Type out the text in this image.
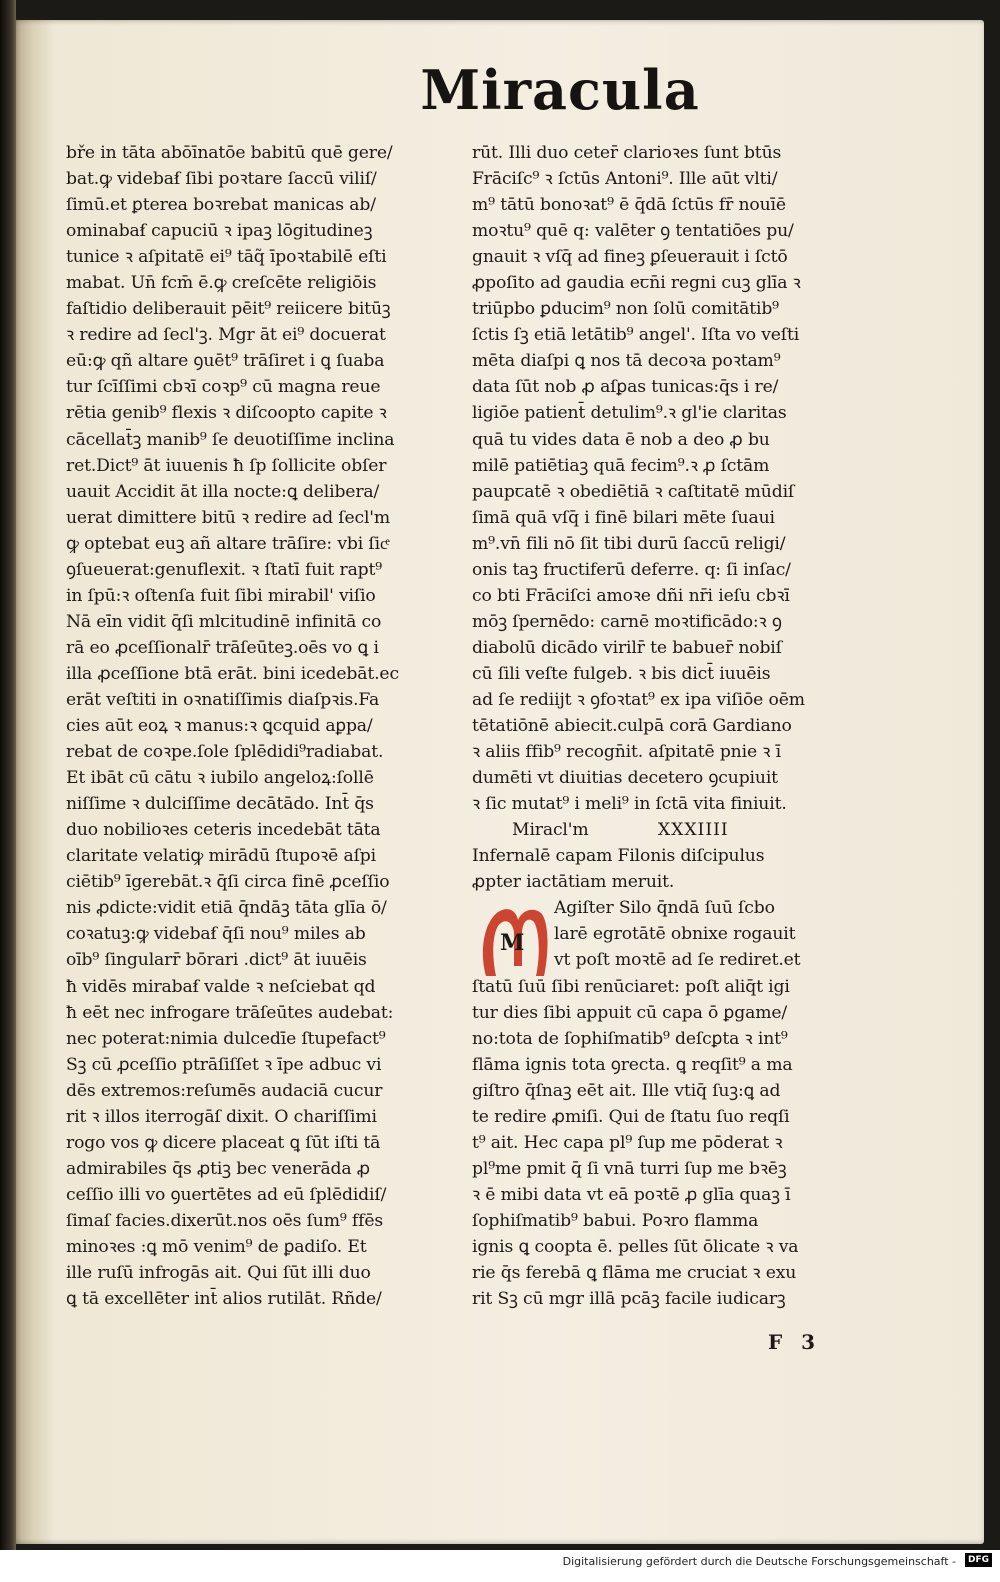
Miracula
bře in tāta abōīnatōe babitū quē gere/
bat.ꝙ videbaẜ ſibi poꝛtare ſaccū viliſ/
ſimū.et ꝑterea boꝛrebat manicas ab/
ominabaẜ capuciū ꝛ ipaꝫ lōgitudineꝫ
tunice ꝛ aſpitatē ei⁹ tāq̃ īpoꝛtabilē eſti
mabat. Un̄ fcm̄ ē.ꝙ creſcēte religiōis
faſtidio deliberauit pēit⁹ reiicere bitūꝫ
ꝛ redire ad ſecl'ꝫ. Mgr āt ei⁹ docuerat
eū:ꝙ qñ altare ꝯuēt⁹ trāſiret i ꝗ ſuaba
tur ſcīſſimi cbꝛī coꝛp⁹ cū magna reue
rētia genib⁹ flexis ꝛ diſcoopto capite ꝛ
cācellat̄ꝫ manib⁹ ſe deuotiſſime inclina
ret.Dict⁹ āt iuuenis ħ ſp ſollicite obſer
uauit Accidit āt illa nocte:ꝗ delibera/
uerat dimittere bitū ꝛ redire ad ſecl'm
ꝙ optebat euꝫ añ altare trāſire: vbi ſicͤ
ꝯſueuerat:genuflexit. ꝛ ſtatī fuit rapt⁹
in ſpū:ꝛ oſtenſa fuit ſibi mirabil' viſio
Nā eīn vidit q̄ſi mlꞇitudinē infinitā co
rā eo ꝓceſſionalr̄ trāſeūteꝫ.oēs vo ꝗ i
illa ꝓceſſione btā erāt. bini icedebāt.ec
erāt veſtiti in oꝛnatiſſimis diaſpꝛis.Fa
cies aūt eoꝝ ꝛ manus:ꝛ ꝗcquid aꝑpa/
rebat de coꝛpe.ſole ſplēdidi⁹radiabat.
Et ibāt cū cātu ꝛ iubilo angeloꝝ:ſollē
niſſime ꝛ dulciſſime decātādo. Int̄ q̄s
duo nobilioꝛes ceteris incedebāt tāta
claritate velatiꝙ mirādū ſtupoꝛē aſpi
ciētib⁹ īgerebāt.ꝛ q̄ſi circa finē ꝓceſſio
nis ꝓdicte:vidit etiā q̄ndāꝫ tāta glīa ō/
coꝛatuꝫ:ꝙ videbaẜ q̄ſi nou⁹ miles ab
oīb⁹ ſingularr̄ bōrari .dict⁹ āt iuuēis
ħ vidēs mirabaẜ valde ꝛ neſciebat qd
ħ eēt nec infrogare trāſeūtes audebat:
nec poterat:nimia dulcedīe ſtupefact⁹
Sꝫ cū ꝓceſſio ptrāſiſſet ꝛ īpe adbuc vi
dēs extremos:reſumēs audaciā cucur
rit ꝛ illos iterrogāſ dixit. O chariſſimi
rogo vos ꝙ dicere placeat ꝗ ſūt iſti tā
admirabiles q̄s ꝓtiꝫ bec venerāda ꝓ
ceſſio illi vo ꝯuertētes ad eū ſplēdidiſ/
ſimaſ facies.dixerūt.nos oēs ſum⁹ ffēs
minoꝛes :ꝗ mō venim⁹ de ꝑadiſo. Et
ille ruſū infrogās ait. Qui ſūt illi duo
ꝗ tā excellēter int̄ alios rutilāt. Rñde/
rūt. Illi duo ceter̄ clarioꝛes ſunt btūs
Frāciſc⁹ ꝛ ſctūs Antoni⁹. Ille aūt vlti/
m⁹ tātū bonoꝛat⁹ ē q̄dā ſctūs fr̄ nouīē
moꝛtu⁹ quē q: valēter ꝯ tentatiōes pu/
gnauit ꝛ vſq̄ ad fineꝫ ꝑſeuerauit i ſctō
ꝓpoſito ad gaudia eꞇn̄i regni cuꝫ glīa ꝛ
triūpbo ꝑducim⁹ non ſolū comitātib⁹
ſctis ſꝫ etiā letātib⁹ angel'. Iſta vo veſti
mēta diaſpi ꝗ nos tā decoꝛa poꝛtam⁹
data ſūt nob ꝓ aſꝑas tunicas:q̄s i re/
ligiōe patient̄ detulim⁹.ꝛ gl'ie claritas
quā tu vides data ē nob a deo ꝓ bu
milē patiētiaꝫ quā fecim⁹.ꝛ ꝓ ſctām
paupꞇatē ꝛ obediētiā ꝛ caſtitatē mūdiſ
ſimā quā vſq̄ i finē bilari mēte ſuaui
m⁹.vn̄ fili nō ſit tibi durū ſaccū religi/
onis taꝫ fructiferū deferre. q: ſi inſac/
co bti Frāciſci amoꝛe dñi nr̄i ieſu cbꝛī
mōꝫ ſpernēdo: carnē moꝛtificādo:ꝛ ꝯ
diabolū dicādo virilr̄ te babuer̄ nobiſ
cū ſili veſte fulgeb. ꝛ bis dict̄ iuuēis
ad ſe rediijt ꝛ ꝯfoꝛtat⁹ ex ipa viſiōe oēm
tētatiōnē abiecit.culpā corā Gardiano
ꝛ aliis ffib⁹ recogn̄it. aſpitatē pnie ꝛ ī
dumēti vt diuitias decetero ꝯcupiuit
ꝛ ſic mutat⁹ i meli⁹ in ſctā vita finiuit.
Miracl'm	XXXIIII
Infernalē capam Filonis diſcipulus
ꝓpter iactātiam meruit.
Agiſter Silo q̄ndā ſuū ſcbo
larē egrotātē obnixe rogauit
vt poſt moꝛtē ad ſe rediret.et
ſtatū ſuū ſibi renūciaret: poſt aliq̄t igi
tur dies ſibi appuit cū capa ō ꝑgame/
no:tota de ſophiſmatib⁹ deſcꝑta ꝛ int⁹
flāma ignis tota ꝯrecta. ꝗ reqſit⁹ a ma
giſtro q̄ſnaꝫ eēt ait. Ille vtiq̄ ſuꝫ:ꝗ ad
te redire ꝓmiſi. Qui de ſtatu ſuo reqſi
t⁹ ait. Hec capa pl⁹ ſup me pōderat ꝛ
pl⁹me pmit q̄ ſi vnā turri ſup me bꝛēꝫ
ꝛ ē mibi data vt eā poꝛtē ꝓ glīa quaꝫ ī
ſophiſmatib⁹ babui. Poꝛro flamma
ignis ꝗ coopta ē. pelles ſūt ōlicate ꝛ va
rie q̄s ferebā ꝗ flāma me cruciat ꝛ exu
rit Sꝫ cū mgr illā pcāꝫ facile iudicarꝫ
M
F 3
Digitalisierung gefördert durch die Deutsche Forschungsgemeinschaft -	DFG
